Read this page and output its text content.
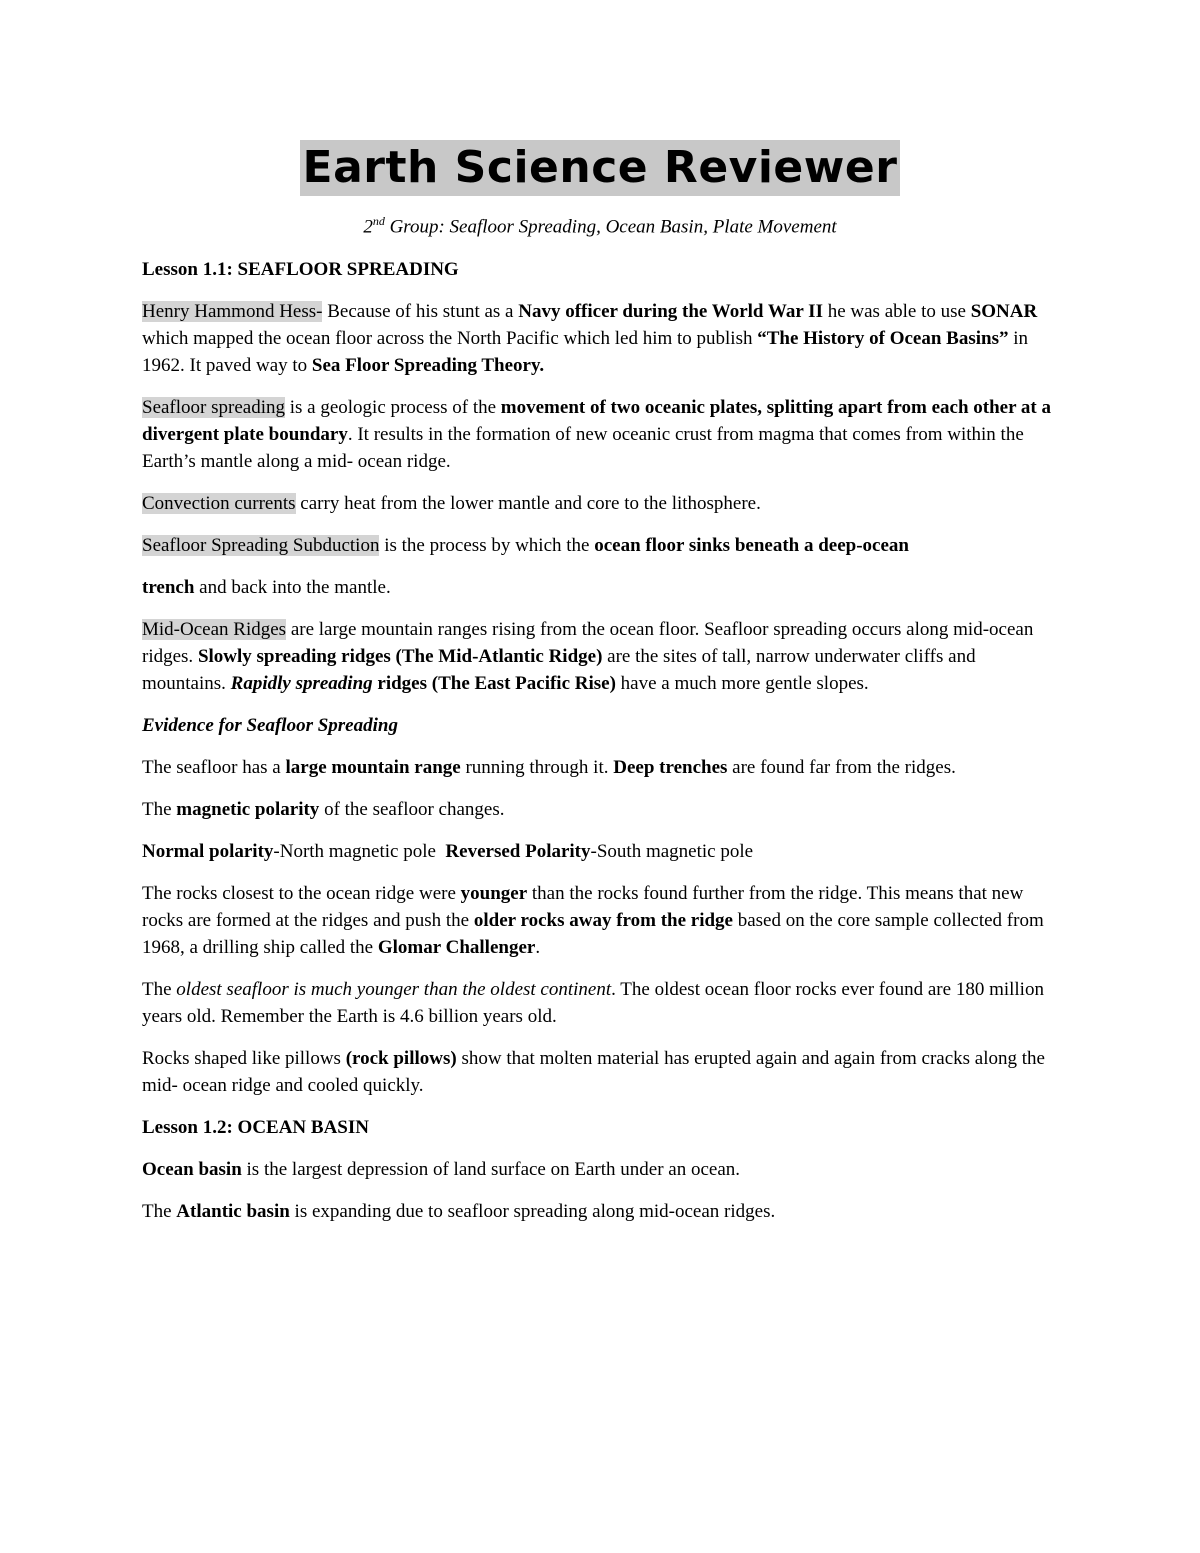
Earth Science Reviewer
2nd Group: Seafloor Spreading, Ocean Basin, Plate Movement

Lesson 1.1: SEAFLOOR SPREADING

Henry Hammond Hess- Because of his stunt as a Navy officer during the World War II he was able to use SONAR which mapped the ocean floor across the North Pacific which led him to publish “The History of Ocean Basins” in 1962. It paved way to Sea Floor Spreading Theory.

Seafloor spreading is a geologic process of the movement of two oceanic plates, splitting apart from each other at a divergent plate boundary. It results in the formation of new oceanic crust from magma that comes from within the Earth’s mantle along a mid- ocean ridge.

Convection currents carry heat from the lower mantle and core to the lithosphere.

Seafloor Spreading Subduction is the process by which the ocean floor sinks beneath a deep-ocean

trench and back into the mantle.

Mid-Ocean Ridges are large mountain ranges rising from the ocean floor. Seafloor spreading occurs along mid-ocean ridges. Slowly spreading ridges (The Mid-Atlantic Ridge) are the sites of tall, narrow underwater cliffs and mountains. Rapidly spreading ridges (The East Pacific Rise) have a much more gentle slopes.

Evidence for Seafloor Spreading

The seafloor has a large mountain range running through it. Deep trenches are found far from the ridges.

The magnetic polarity of the seafloor changes.

Normal polarity-North magnetic pole  Reversed Polarity-South magnetic pole

The rocks closest to the ocean ridge were younger than the rocks found further from the ridge. This means that new rocks are formed at the ridges and push the older rocks away from the ridge based on the core sample collected from 1968, a drilling ship called the Glomar Challenger.

The oldest seafloor is much younger than the oldest continent. The oldest ocean floor rocks ever found are 180 million years old. Remember the Earth is 4.6 billion years old.

Rocks shaped like pillows (rock pillows) show that molten material has erupted again and again from cracks along the mid- ocean ridge and cooled quickly.

Lesson 1.2: OCEAN BASIN

Ocean basin is the largest depression of land surface on Earth under an ocean.

The Atlantic basin is expanding due to seafloor spreading along mid-ocean ridges.
